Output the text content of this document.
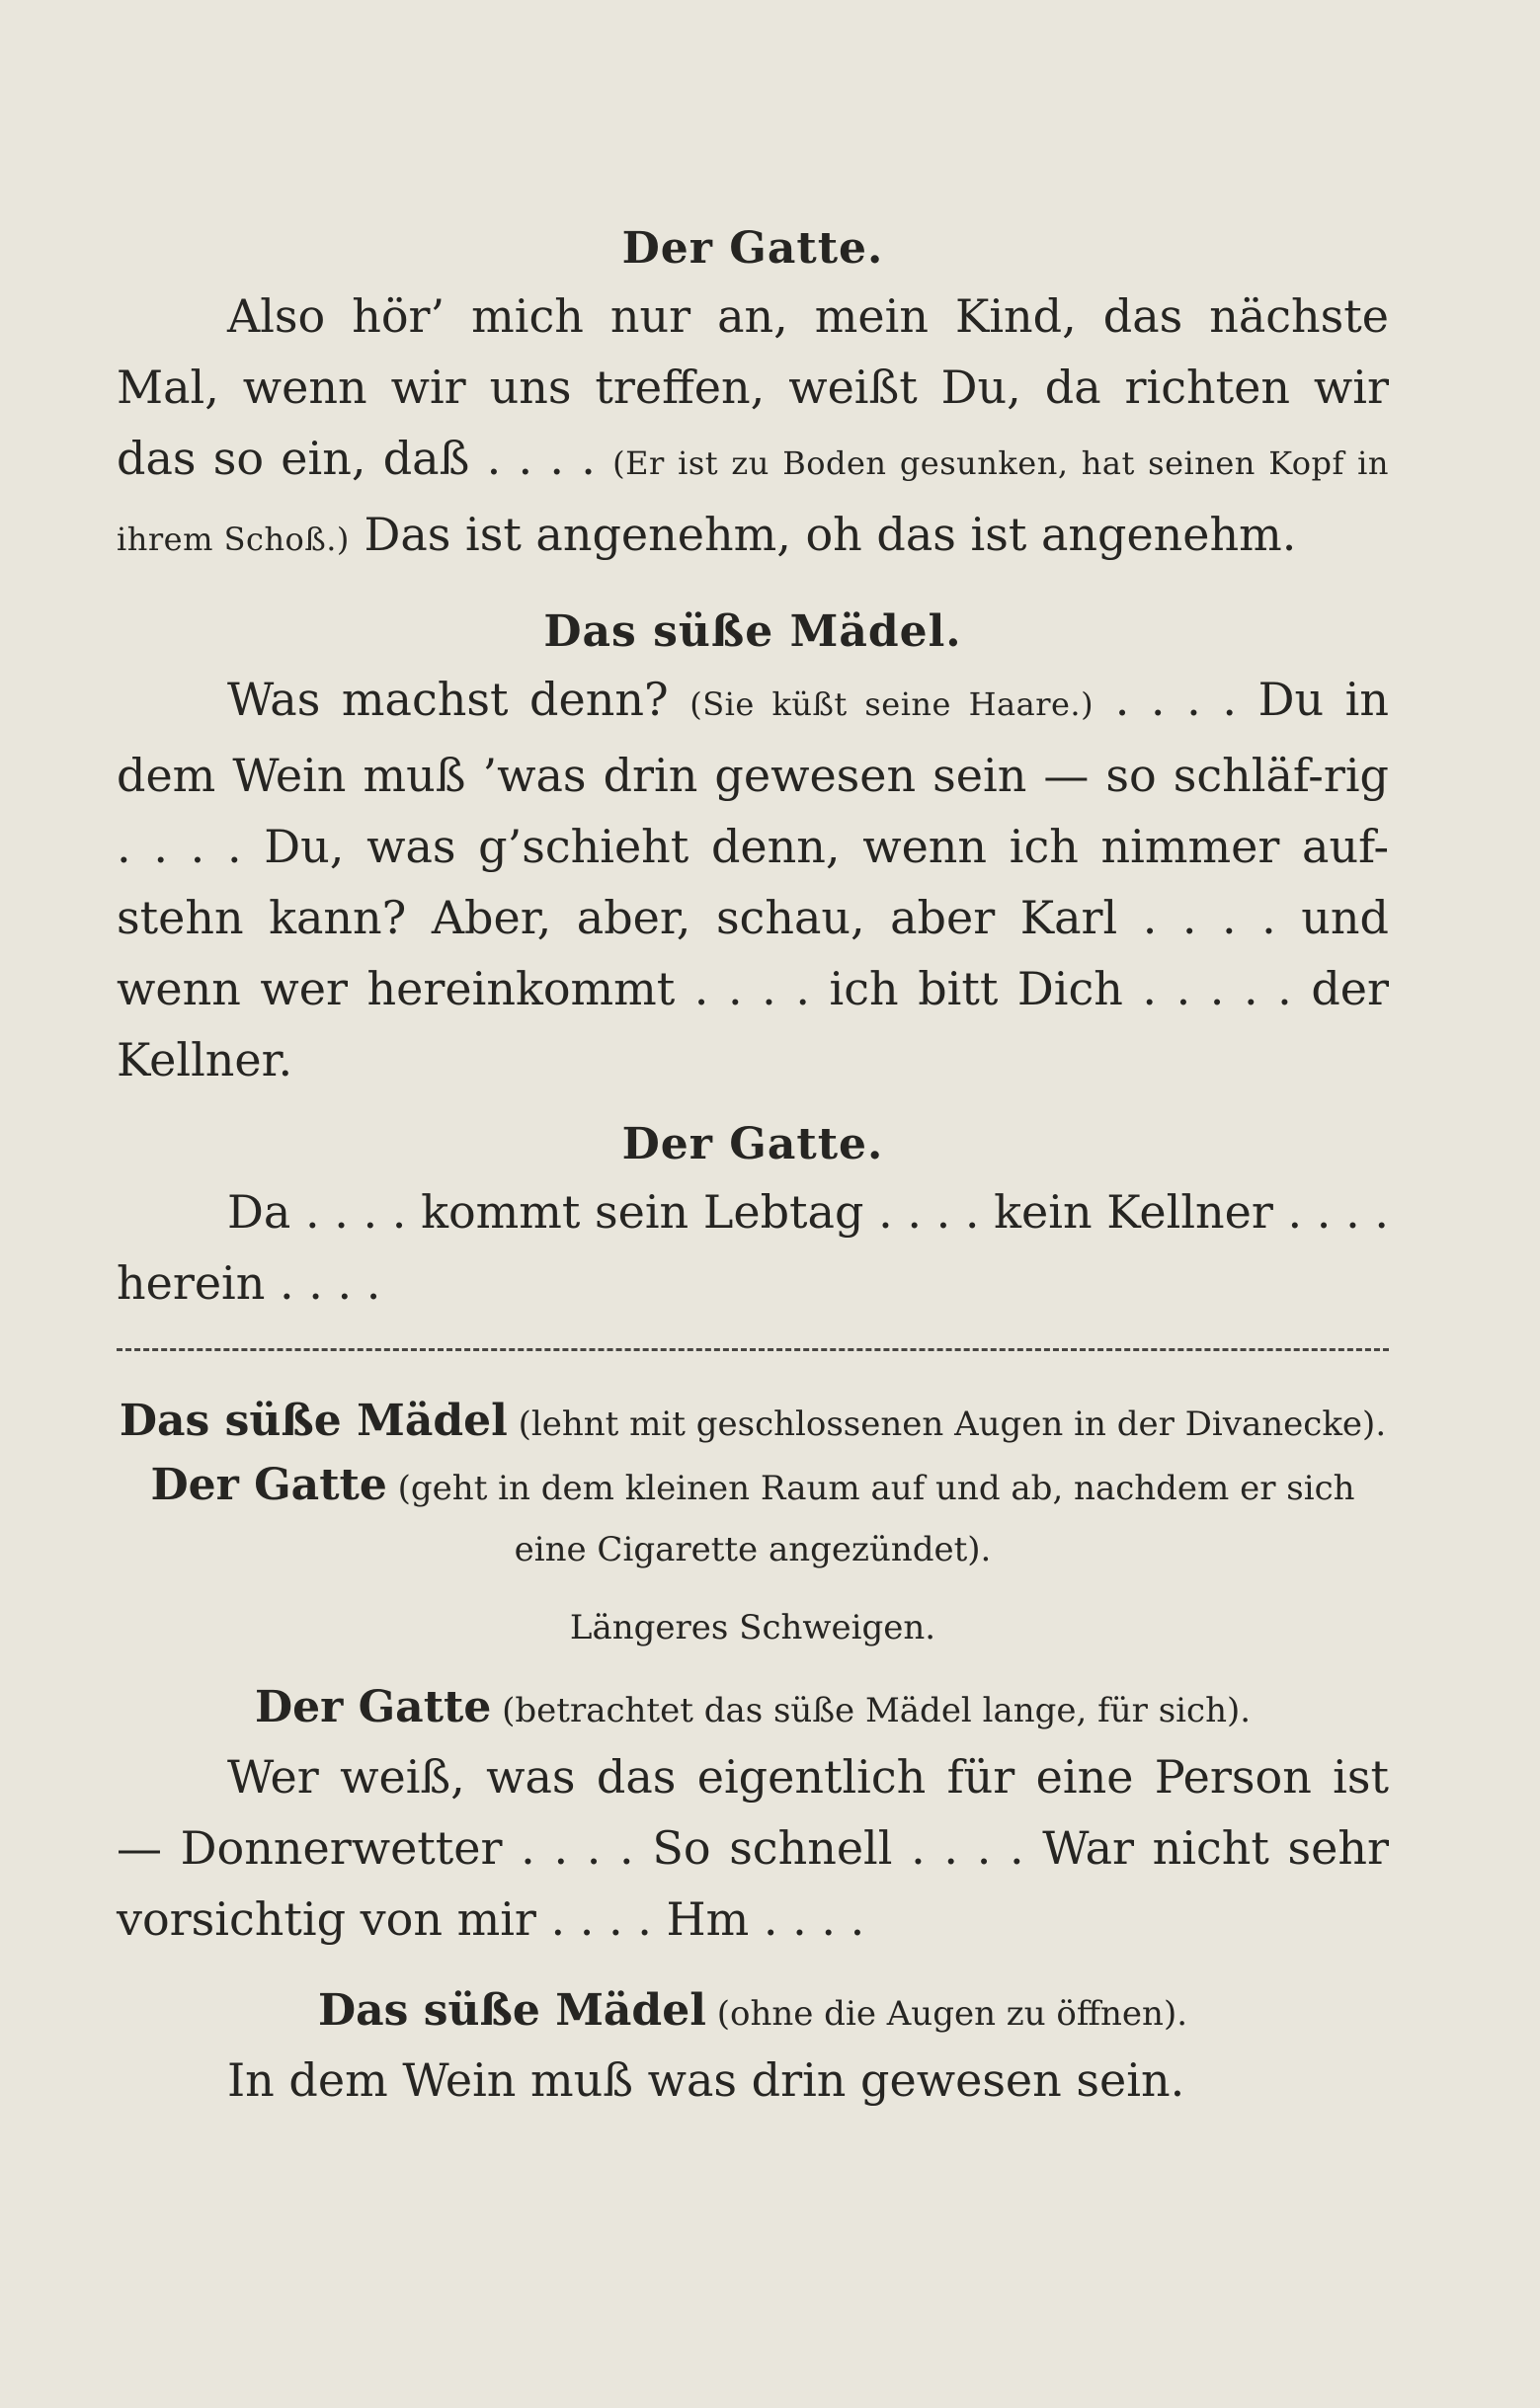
Der Gatte.
Also hör’ mich nur an, mein Kind, das nächste Mal, wenn wir uns treffen, weißt Du, da richten wir das so ein, daß . . . . (Er ist zu Boden gesunken, hat seinen Kopf in ihrem Schoß.) Das ist angenehm, oh das ist angenehm.
Das süße Mädel.
Was machst denn? (Sie küßt seine Haare.) . . . . Du in dem Wein muß ’was drin gewesen sein — so schläf-rig . . . . Du, was g’schieht denn, wenn ich nimmer auf-stehn kann? Aber, aber, schau, aber Karl . . . . und wenn wer hereinkommt . . . . ich bitt Dich . . . . . der Kellner.
Der Gatte.
Da . . . . kommt sein Lebtag . . . . kein Kellner . . . . herein . . . .
Das süße Mädel (lehnt mit geschlossenen Augen in der Divanecke).
Der Gatte (geht in dem kleinen Raum auf und ab, nachdem er sich eine Cigarette angezündet).
Längeres Schweigen.
Der Gatte (betrachtet das süße Mädel lange, für sich).
Wer weiß, was das eigentlich für eine Person ist — Donnerwetter . . . . So schnell . . . . War nicht sehr vorsichtig von mir . . . . Hm . . . .
Das süße Mädel (ohne die Augen zu öffnen).
In dem Wein muß was drin gewesen sein.
